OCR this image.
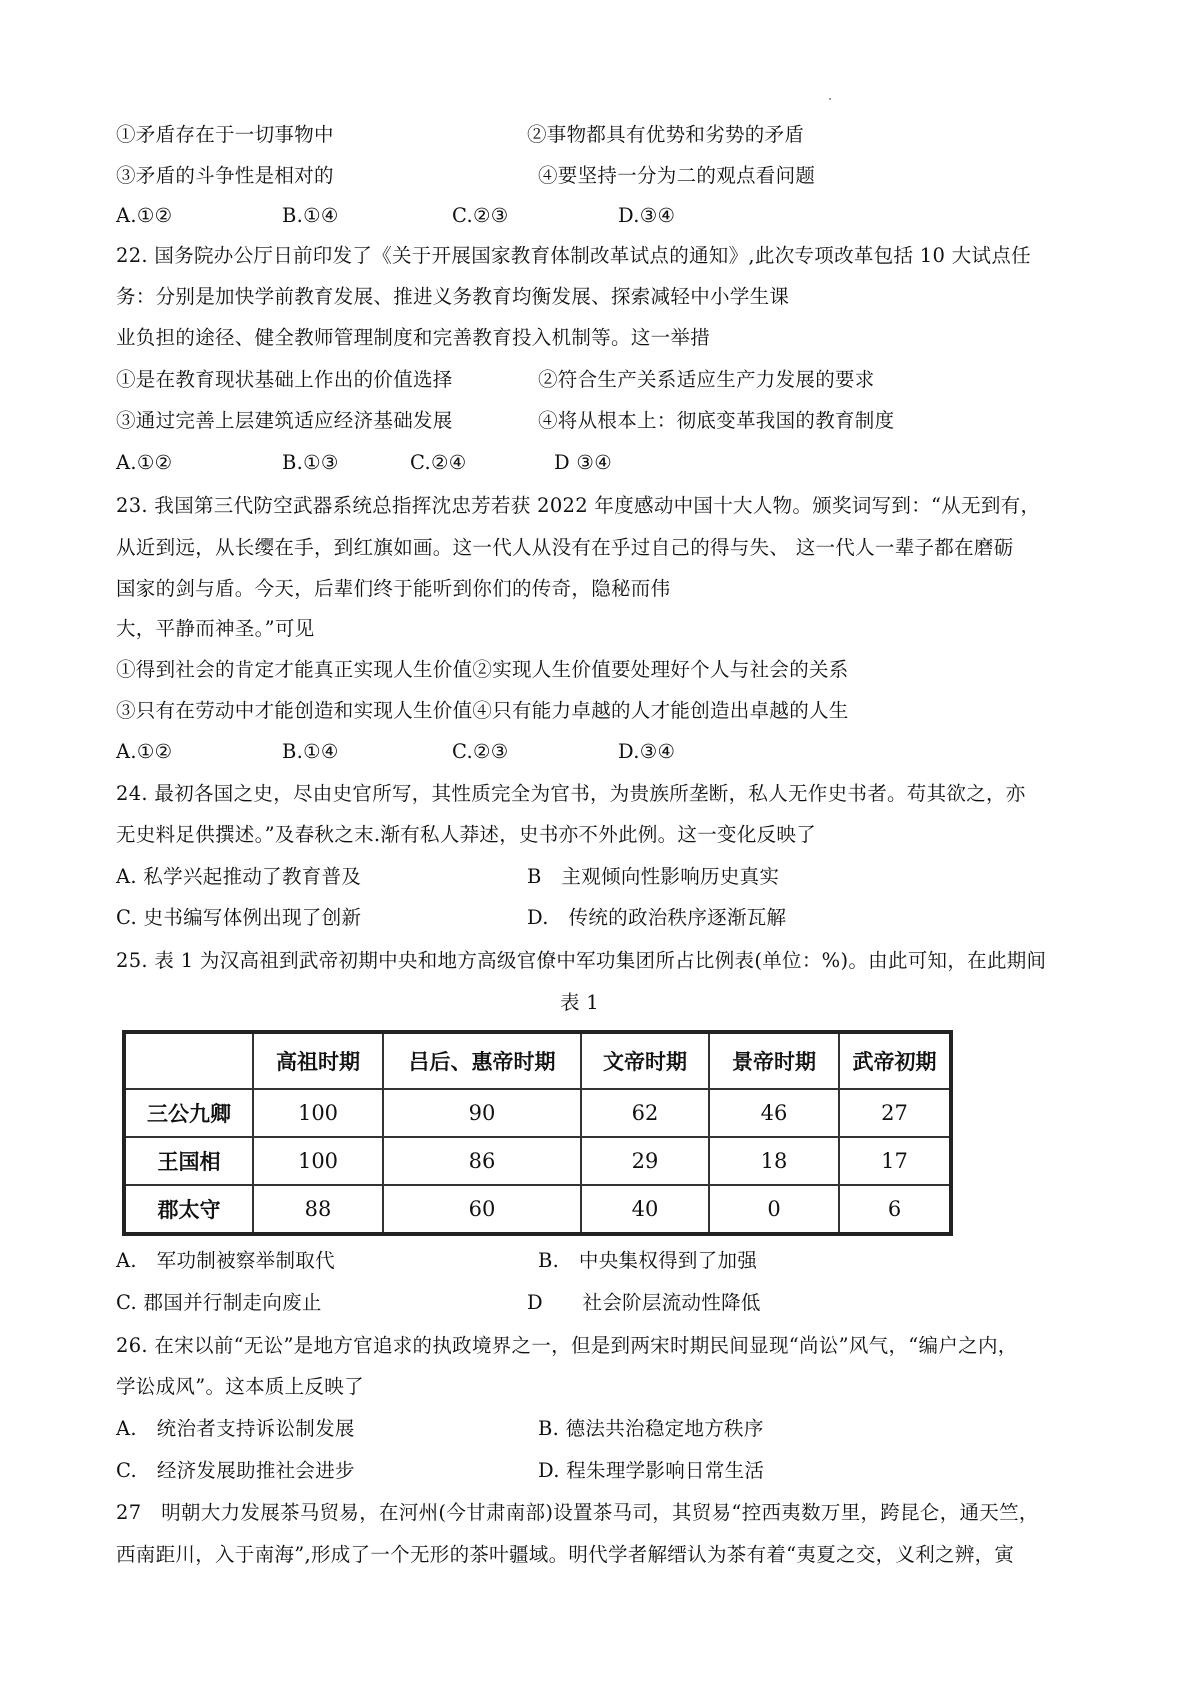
①矛盾存在于一切事物中	②事物都具有优势和劣势的矛盾
③矛盾的斗争性是相对的	④要坚持一分为二的观点看问题
A.①②	B.①④	C.②③	D.③④
22. 国务院办公厅日前印发了《关于开展国家教育体制改革试点的通知》,此次专项改革包括 10 大试点任
务：分别是加快学前教育发展、推进义务教育均衡发展、探索减轻中小学生课
业负担的途径、健全教师管理制度和完善教育投入机制等。这一举措
①是在教育现状基础上作出的价值选择	②符合生产关系适应生产力发展的要求
③通过完善上层建筑适应经济基础发展	④将从根本上：彻底变革我国的教育制度
A.①②	B.①③	C.②④	D ③④
23. 我国第三代防空武器系统总指挥沈忠芳若获 2022 年度感动中国十大人物。颁奖词写到：“从无到有，
从近到远，从长缨在手，到红旗如画。这一代人从没有在乎过自己的得与失、 这一代人一辈子都在磨砺
国家的剑与盾。今天，后辈们终于能听到你们的传奇，隐秘而伟
大，平静而神圣。”可见
①得到社会的肯定才能真正实现人生价值②实现人生价值要处理好个人与社会的关系
③只有在劳动中才能创造和实现人生价值④只有能力卓越的人才能创造出卓越的人生
A.①②	B.①④	C.②③	D.③④
24. 最初各国之史，尽由史官所写，其性质完全为官书，为贵族所垄断，私人无作史书者。苟其欲之，亦
无史料足供撰述。”及春秋之末.渐有私人莽述，史书亦不外此例。这一变化反映了
A. 私学兴起推动了教育普及	B　主观倾向性影响历史真实
C. 史书编写体例出现了创新	D.　传统的政治秩序逐渐瓦解
25. 表 1 为汉高祖到武帝初期中央和地方高级官僚中军功集团所占比例表(单位：%)。由此可知，在此期间
表 1
	高祖时期	吕后、惠帝时期	文帝时期	景帝时期	武帝初期
三公九卿	100	90	62	46	27
王国相	100	86	29	18	17
郡太守	88	60	40	0	6
A.　军功制被察举制取代	B.　中央集权得到了加强
C. 郡国并行制走向废止	D　　社会阶层流动性降低
26. 在宋以前“无讼”是地方官追求的执政境界之一，但是到两宋时期民间显现“尚讼”风气，“编户之内，
学讼成风”。这本质上反映了
A.　统治者支持诉讼制发展	B. 德法共治稳定地方秩序
C.　经济发展助推社会进步	D. 程朱理学影响日常生活
27　明朝大力发展茶马贸易，在河州(今甘肃南部)设置茶马司，其贸易“控西夷数万里，跨昆仑，通天竺，
西南距川，入于南海”,形成了一个无形的茶叶疆域。明代学者解缙认为茶有着“夷夏之交，义利之辨，寅
